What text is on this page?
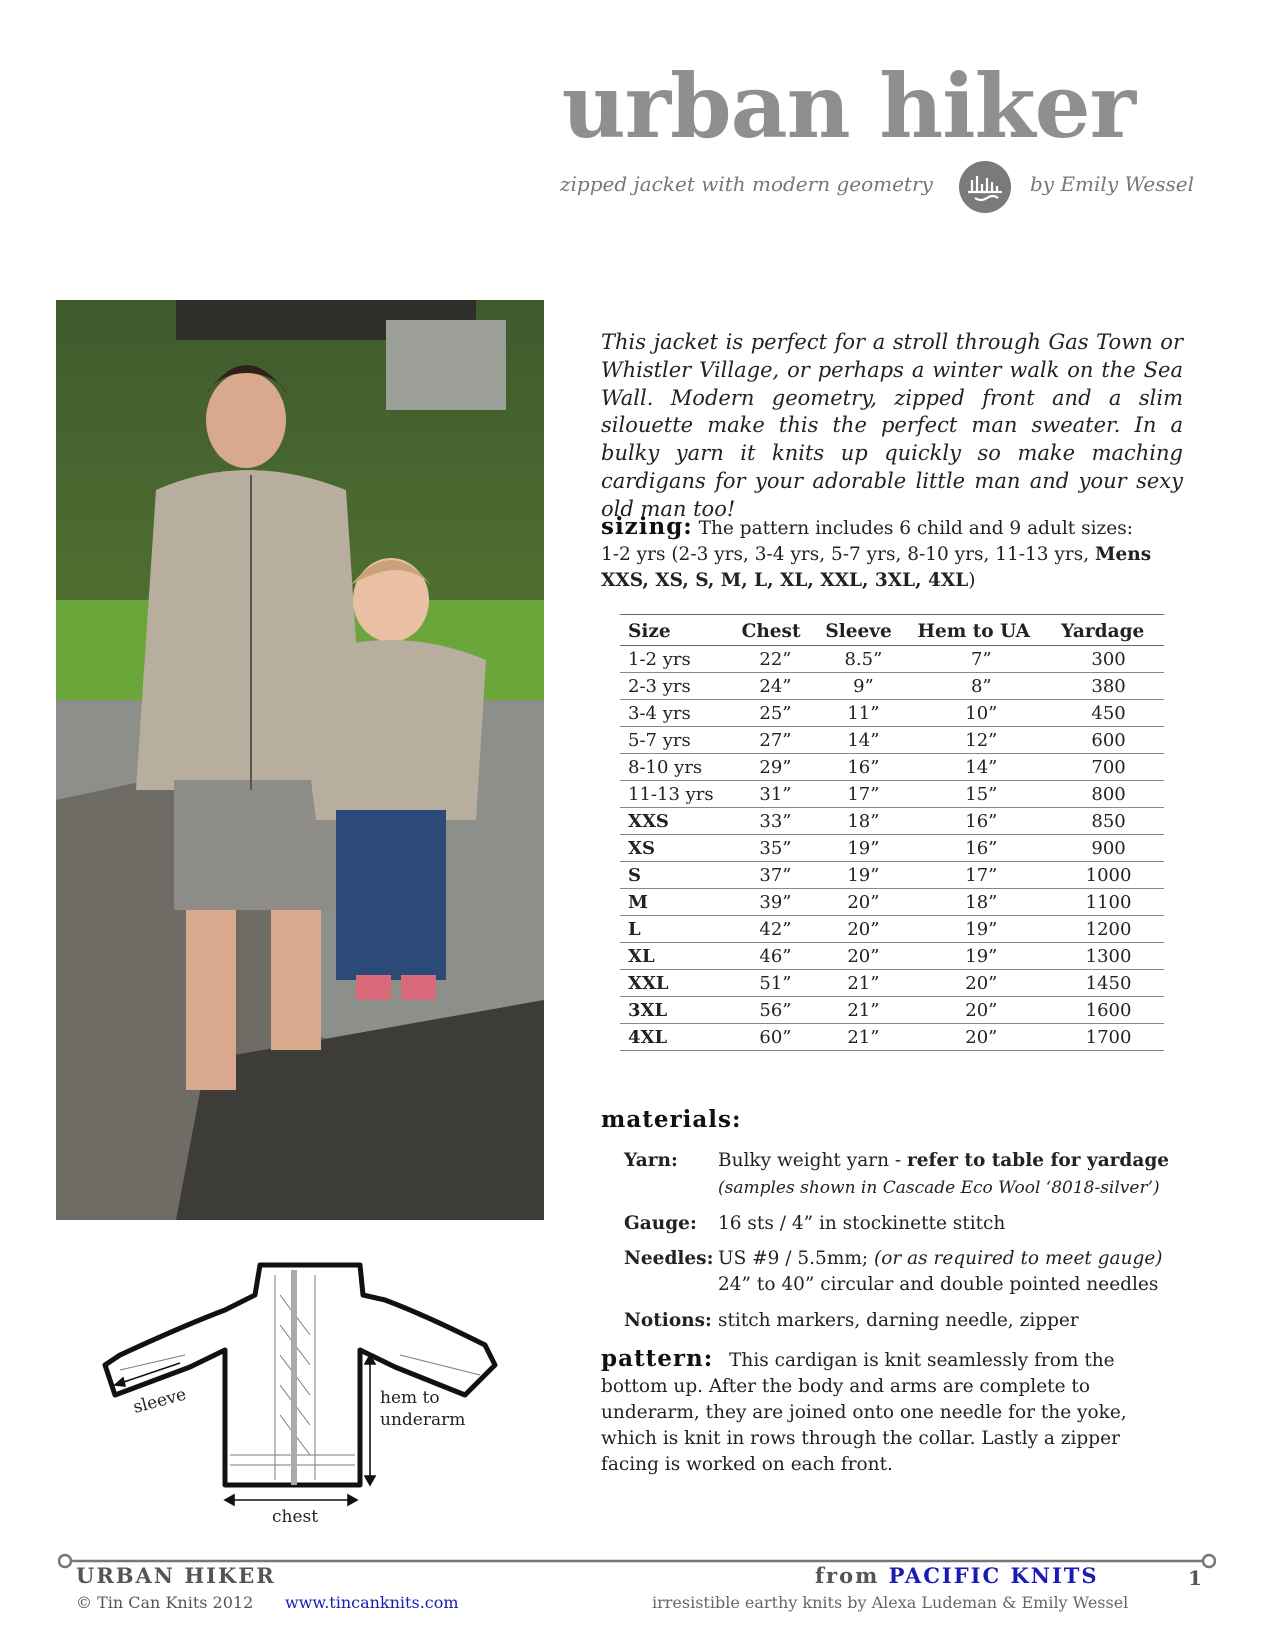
urban hiker
zipped jacket with modern geometry	by Emily Wessel
This jacket is perfect for a stroll through Gas Town or Whistler Village, or perhaps a winter walk on the Sea Wall. Modern geometry, zipped front and a slim silouette make this the perfect man sweater. In a bulky yarn it knits up quickly so make maching cardigans for your adorable little man and your sexy old man too!
sizing: The pattern includes 6 child and 9 adult sizes:
1-2 yrs (2-3 yrs, 3-4 yrs, 5-7 yrs, 8-10 yrs, 11-13 yrs, Mens XXS, XS, S, M, L, XL, XXL, 3XL, 4XL)
Size	Chest	Sleeve	Hem to UA	Yardage
1-2 yrs	22”	8.5”	7”	300
2-3 yrs	24”	9”	8”	380
3-4 yrs	25”	11”	10”	450
5-7 yrs	27”	14”	12”	600
8-10 yrs	29”	16”	14”	700
11-13 yrs	31”	17”	15”	800
XXS	33”	18”	16”	850
XS	35”	19”	16”	900
S	37”	19”	17”	1000
M	39”	20”	18”	1100
L	42”	20”	19”	1200
XL	46”	20”	19”	1300
XXL	51”	21”	20”	1450
3XL	56”	21”	20”	1600
4XL	60”	21”	20”	1700
materials:
Yarn: Bulky weight yarn - refer to table for yardage
(samples shown in Cascade Eco Wool ‘8018-silver’)
Gauge: 16 sts / 4” in stockinette stitch
Needles: US #9 / 5.5mm; (or as required to meet gauge)
24” to 40” circular and double pointed needles
Notions: stitch markers, darning needle, zipper
pattern: This cardigan is knit seamlessly from the bottom up. After the body and arms are complete to underarm, they are joined onto one needle for the yoke, which is knit in rows through the collar. Lastly a zipper facing is worked on each front.
sleeve	hem to
underarm
chest
URBAN HIKER
© Tin Can Knits 2012 www.tincanknits.com
from PACIFIC KNITS	1
irresistible earthy knits by Alexa Ludeman & Emily Wessel
